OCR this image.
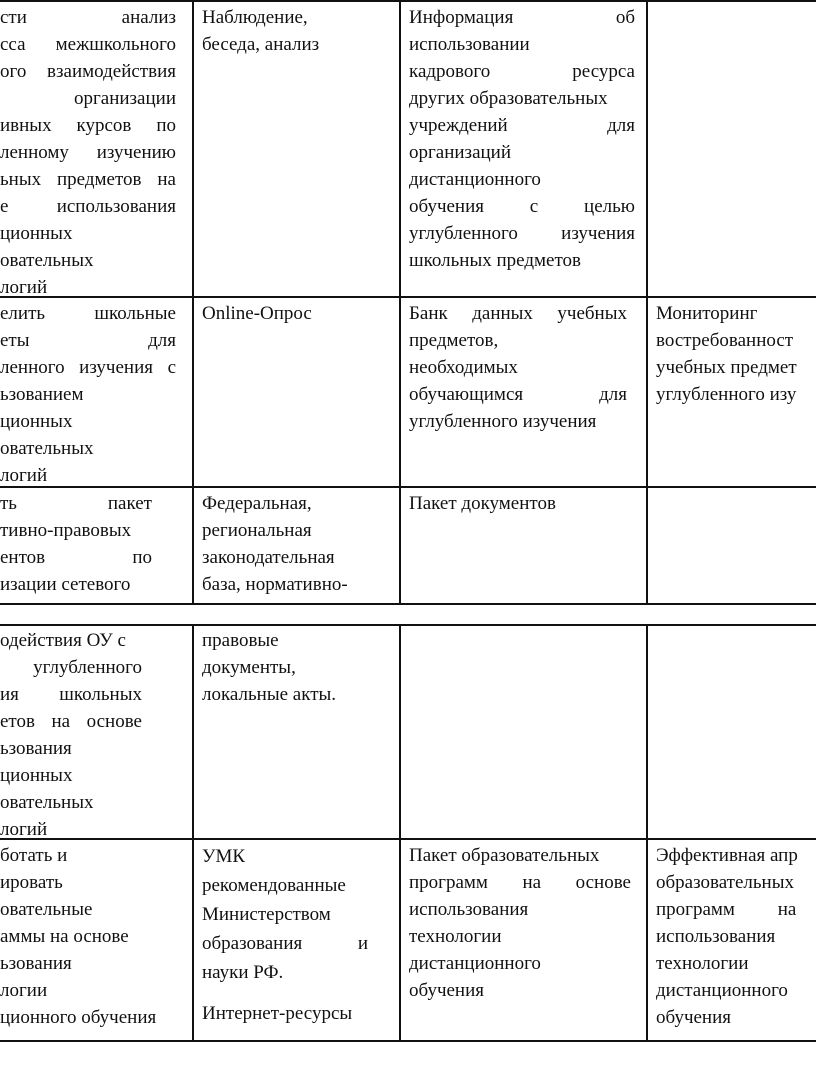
сти анализ
сса межшкольного
ого взаимодействия
организации
ивных курсов по
ленному изучению
ьных предметов на
е использования
ционных
овательных
логий
Наблюдение,
беседа, анализ
Информация об
использовании
кадрового ресурса
других образовательных
учреждений для
организаций
дистанционного
обучения с целью
углубленного изучения
школьных предметов
елить школьные
еты для
ленного изучения с
ьзованием
ционных
овательных
логий
Online-Опрос	Банк данных учебных
предметов,
необходимых
обучающимся для
углубленного изучения
Мониторинг
востребованност
учебных предмет
углубленного изу
ть пакет
тивно-правовых
ентов по
изации сетевого
Федеральная,
региональная
законодательная
база, нормативно-
Пакет документов
одействия ОУ с
углубленного
ия школьных
етов на основе
ьзования
ционных
овательных
логий
правовые
документы,
локальные акты.
ботать и
ировать
овательные
аммы на основе
ьзования
логии
ционного обучения
УМК
рекомендованные
Министерством
образования и
науки РФ.
Интернет-ресурсы
Пакет образовательных
программ на основе
использования
технологии
дистанционного
обучения
Эффективная апр
образовательных
программ на
использования
технологии
дистанционного
обучения
